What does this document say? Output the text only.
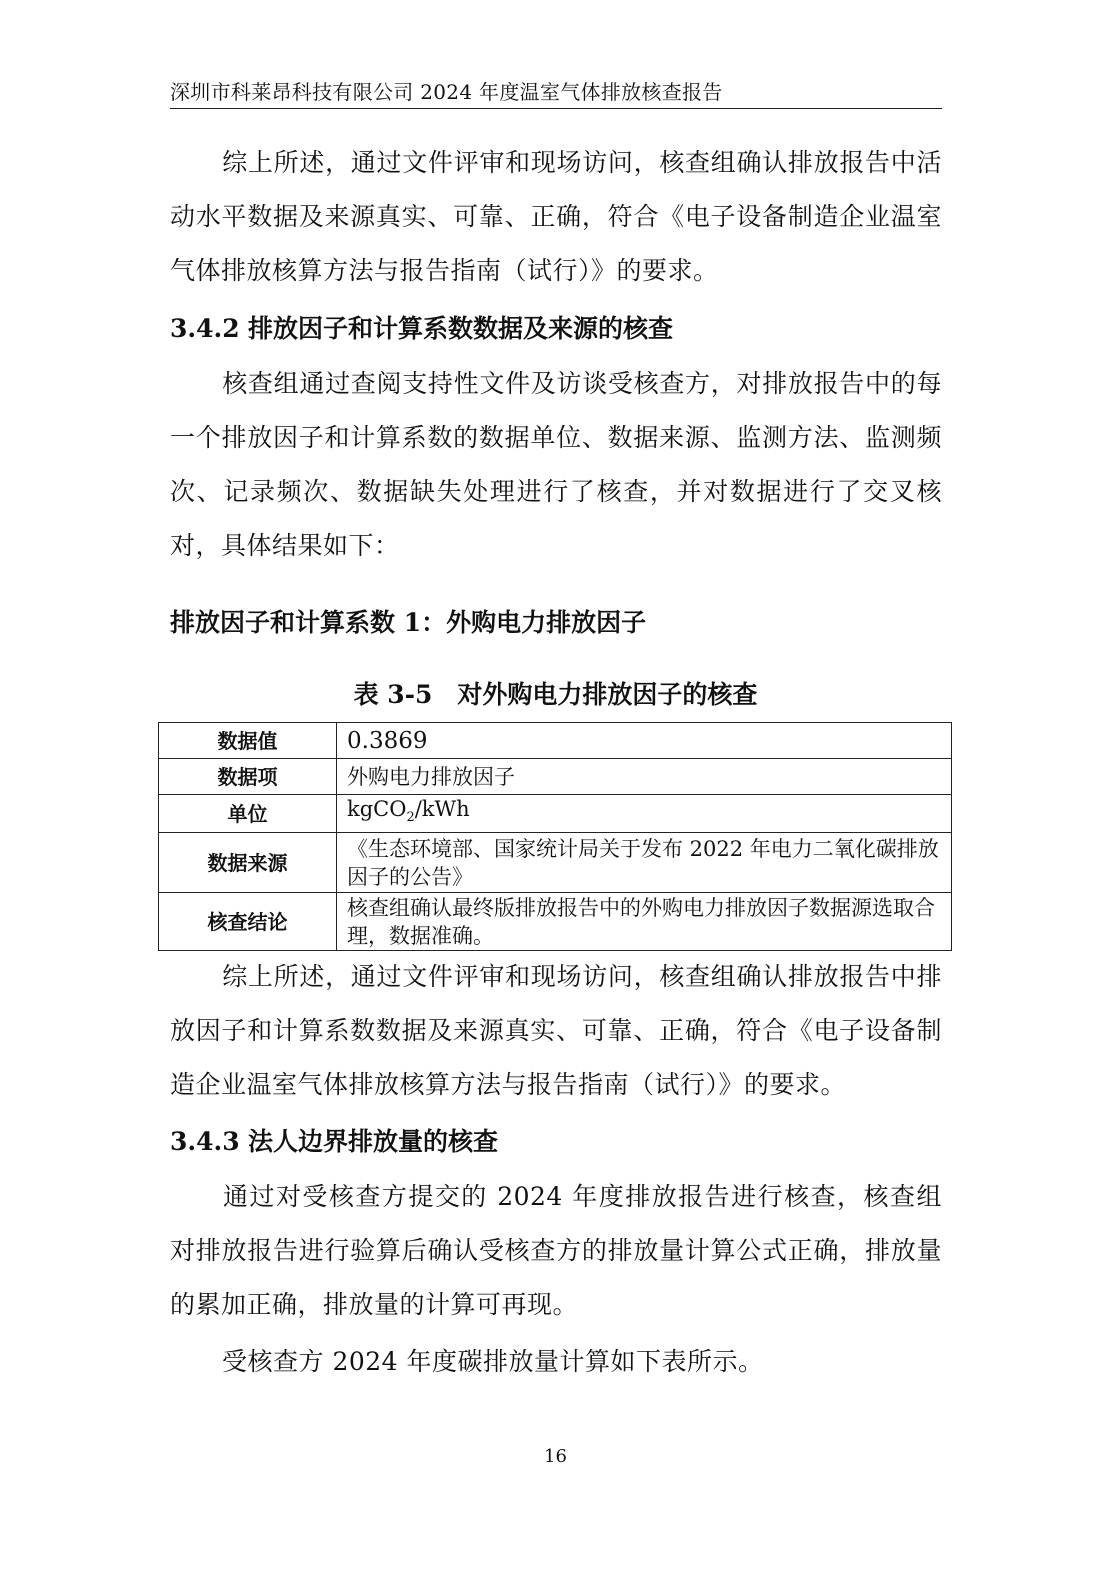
深圳市科莱昂科技有限公司 2024 年度温室气体排放核查报告
综上所述，通过文件评审和现场访问，核查组确认排放报告中活动水平数据及来源真实、可靠、正确，符合《电子设备制造企业温室气体排放核算方法与报告指南（试行）》的要求。
3.4.2 排放因子和计算系数数据及来源的核查
核查组通过查阅支持性文件及访谈受核查方，对排放报告中的每一个排放因子和计算系数的数据单位、数据来源、监测方法、监测频次、记录频次、数据缺失处理进行了核查，并对数据进行了交叉核对，具体结果如下：
排放因子和计算系数 1：外购电力排放因子
表 3-5　对外购电力排放因子的核查
数据值	0.3869
数据项	外购电力排放因子
单位	kgCO$_2$/kWh
数据来源	《生态环境部、国家统计局关于发布 2022 年电力二氧化碳排放因子的公告》
核查结论	核查组确认最终版排放报告中的外购电力排放因子数据源选取合理，数据准确。
综上所述，通过文件评审和现场访问，核查组确认排放报告中排放因子和计算系数数据及来源真实、可靠、正确，符合《电子设备制造企业温室气体排放核算方法与报告指南（试行）》的要求。
3.4.3 法人边界排放量的核查
通过对受核查方提交的 2024 年度排放报告进行核查，核查组对排放报告进行验算后确认受核查方的排放量计算公式正确，排放量的累加正确，排放量的计算可再现。
受核查方 2024 年度碳排放量计算如下表所示。
16
